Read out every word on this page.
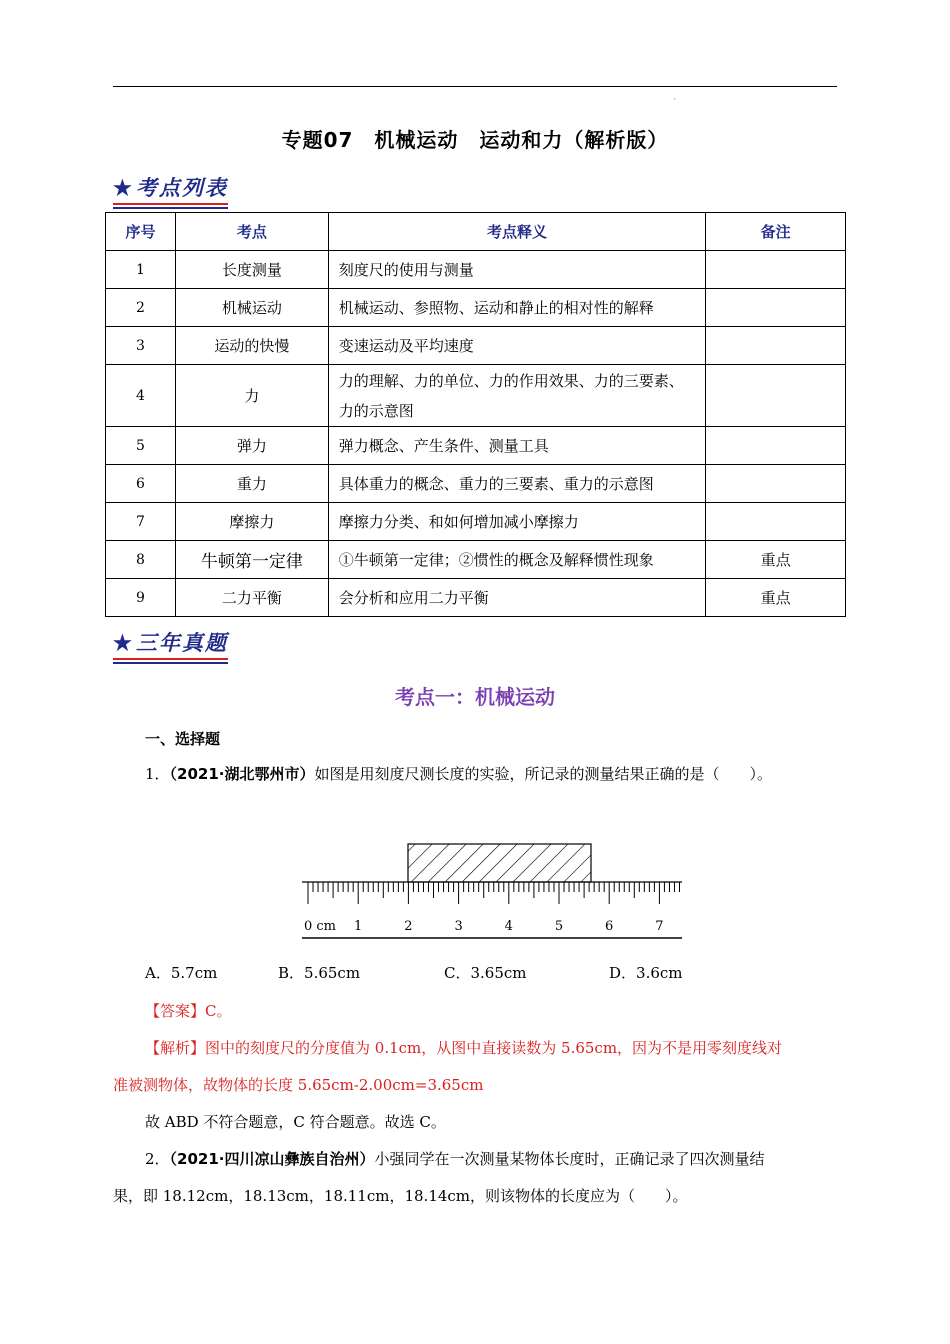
'
专题07　机械运动　运动和力（解析版）
★考点列表
序号	考点	考点释义	备注
1	长度测量	刻度尺的使用与测量	
2	机械运动	机械运动、参照物、运动和静止的相对性的解释	
3	运动的快慢	变速运动及平均速度	
4	力	力的理解、力的单位、力的作用效果、力的三要素、力的示意图	
5	弹力	弹力概念、产生条件、测量工具	
6	重力	具体重力的概念、重力的三要素、重力的示意图	
7	摩擦力	摩擦力分类、和如何增加减小摩擦力	
8	牛顿第一定律	①牛顿第一定律；②惯性的概念及解释惯性现象	重点
9	二力平衡	会分析和应用二力平衡	重点
★三年真题
考点一：机械运动
一、选择题
1．（2021·湖北鄂州市）如图是用刻度尺测长度的实验，所记录的测量结果正确的是（　　）。
0 cm 1	2	3	4	5	6	7
A．5.7cm	B．5.65cm	C．3.65cm	D．3.6cm
【答案】C。
【解析】图中的刻度尺的分度值为 0.1cm，从图中直接读数为 5.65cm，因为不是用零刻度线对
准被测物体，故物体的长度 5.65cm-2.00cm=3.65cm
故 ABD 不符合题意，C 符合题意。故选 C。
2．（2021·四川凉山彝族自治州）小强同学在一次测量某物体长度时，正确记录了四次测量结
果，即 18.12cm，18.13cm，18.11cm，18.14cm，则该物体的长度应为（　　）。
